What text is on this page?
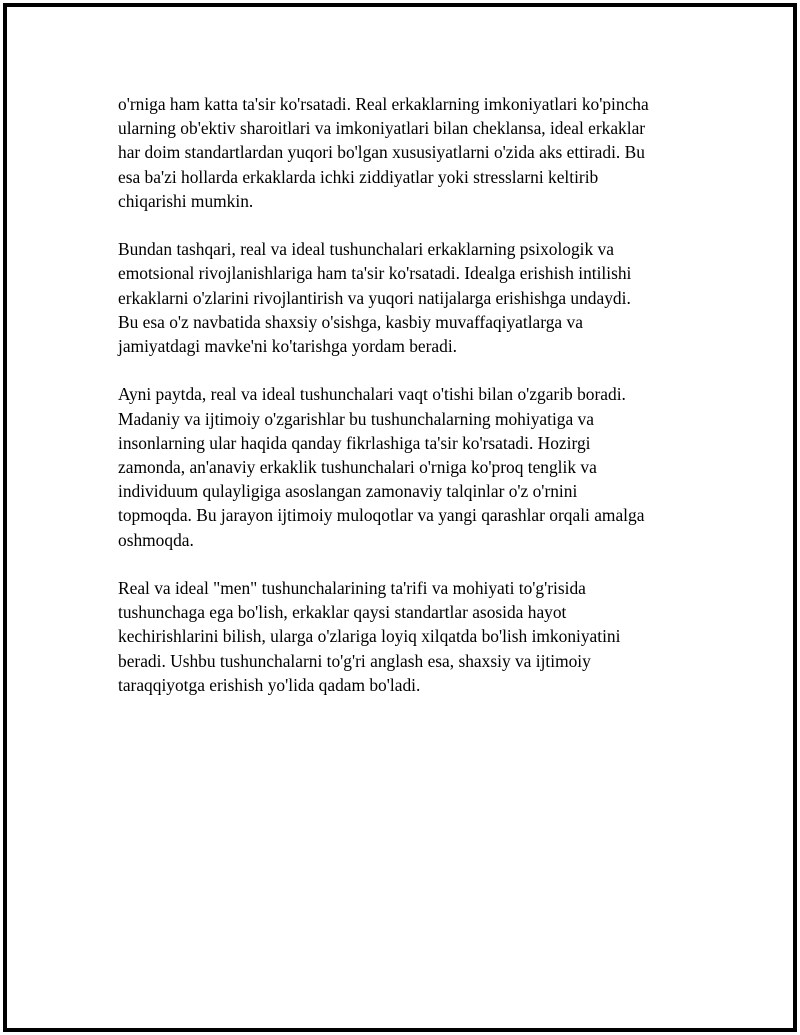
o'rniga ham katta ta'sir ko'rsatadi. Real erkaklarning imkoniyatlari ko'pincha
ularning ob'ektiv sharoitlari va imkoniyatlari bilan cheklansa, ideal erkaklar
har doim standartlardan yuqori bo'lgan xususiyatlarni o'zida aks ettiradi. Bu
esa ba'zi hollarda erkaklarda ichki ziddiyatlar yoki stresslarni keltirib
chiqarishi mumkin.

Bundan tashqari, real va ideal tushunchalari erkaklarning psixologik va
emotsional rivojlanishlariga ham ta'sir ko'rsatadi. Idealga erishish intilishi
erkaklarni o'zlarini rivojlantirish va yuqori natijalarga erishishga undaydi.
Bu esa o'z navbatida shaxsiy o'sishga, kasbiy muvaffaqiyatlarga va
jamiyatdagi mavke'ni ko'tarishga yordam beradi.

Ayni paytda, real va ideal tushunchalari vaqt o'tishi bilan o'zgarib boradi.
Madaniy va ijtimoiy o'zgarishlar bu tushunchalarning mohiyatiga va
insonlarning ular haqida qanday fikrlashiga ta'sir ko'rsatadi. Hozirgi
zamonda, an'anaviy erkaklik tushunchalari o'rniga ko'proq tenglik va
individuum qulayligiga asoslangan zamonaviy talqinlar o'z o'rnini
topmoqda. Bu jarayon ijtimoiy muloqotlar va yangi qarashlar orqali amalga
oshmoqda.

Real va ideal "men" tushunchalarining ta'rifi va mohiyati to'g'risida
tushunchaga ega bo'lish, erkaklar qaysi standartlar asosida hayot
kechirishlarini bilish, ularga o'zlariga loyiq xilqatda bo'lish imkoniyatini
beradi. Ushbu tushunchalarni to'g'ri anglash esa, shaxsiy va ijtimoiy
taraqqiyotga erishish yo'lida qadam bo'ladi.
